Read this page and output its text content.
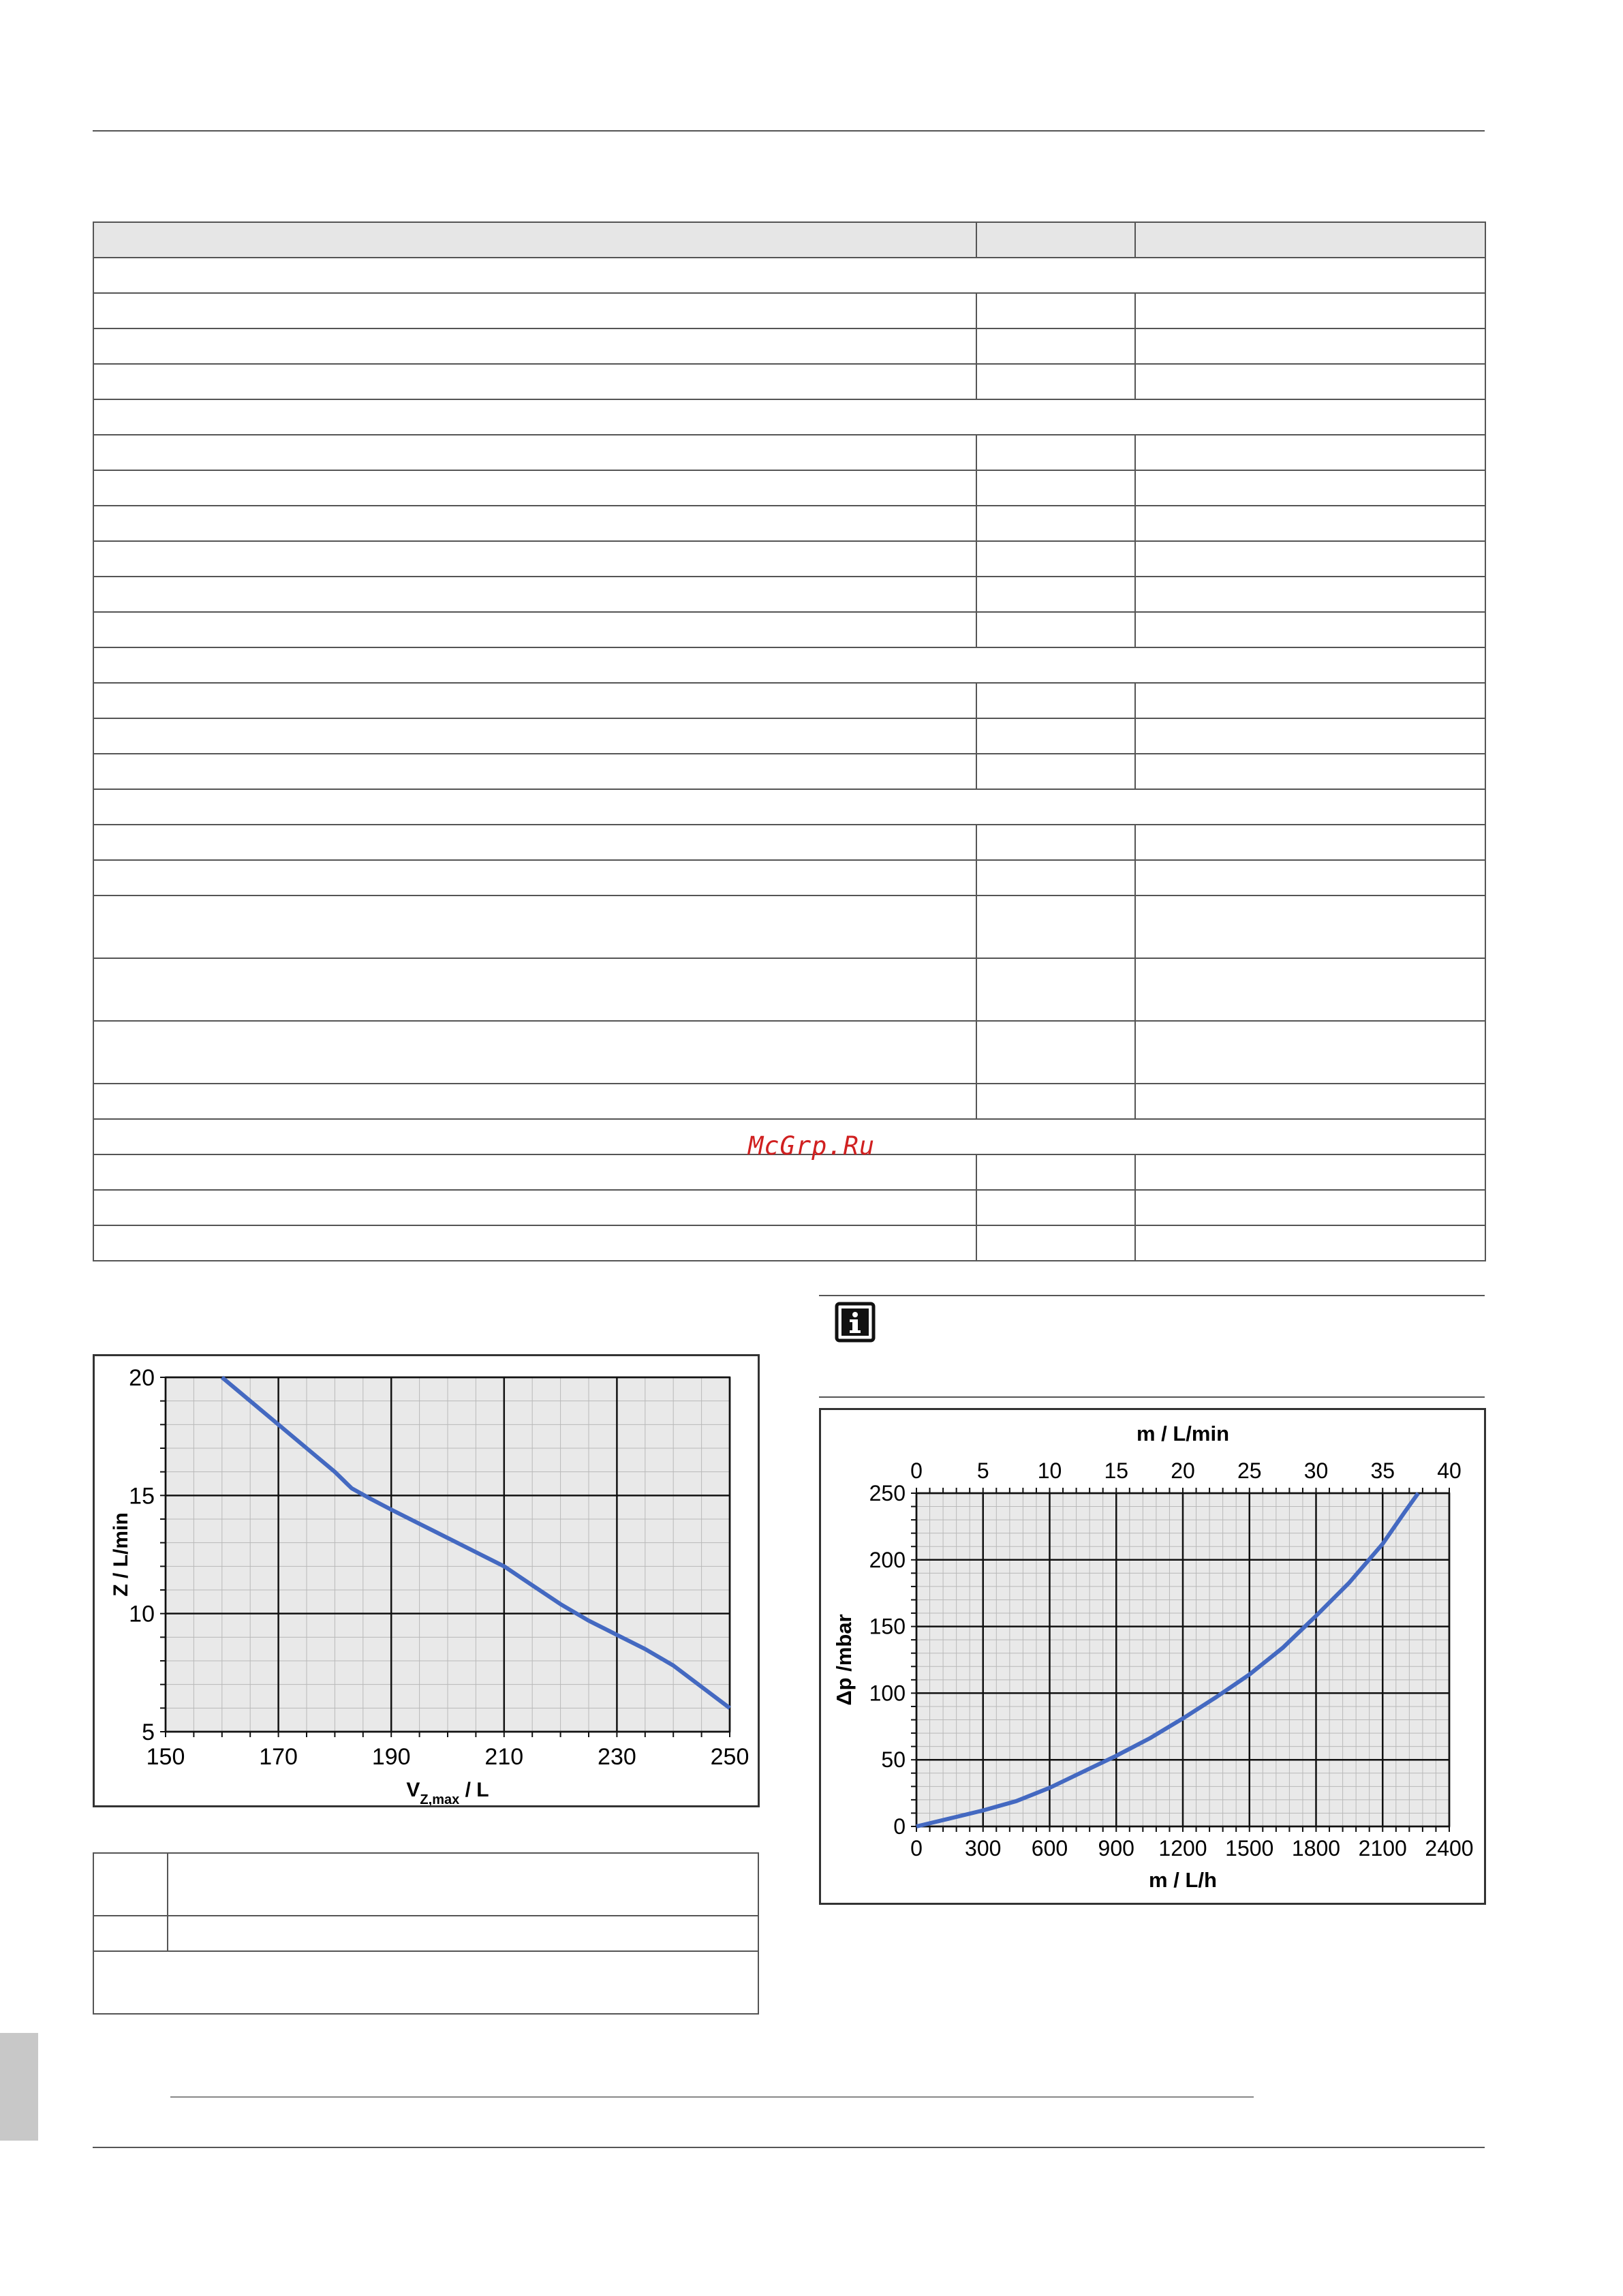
McGrp.Ru
150	170	190	210	230	250
5
10
15
20
Z / L/min
$V_{Z,max}$ / L
0 300 600 900 1200 1500 1800 2100 2400
0 5 10 15 20 25 30 35 40
0
50
100
150
200
250
m / L/min
m / L/h
Δp /mbar
